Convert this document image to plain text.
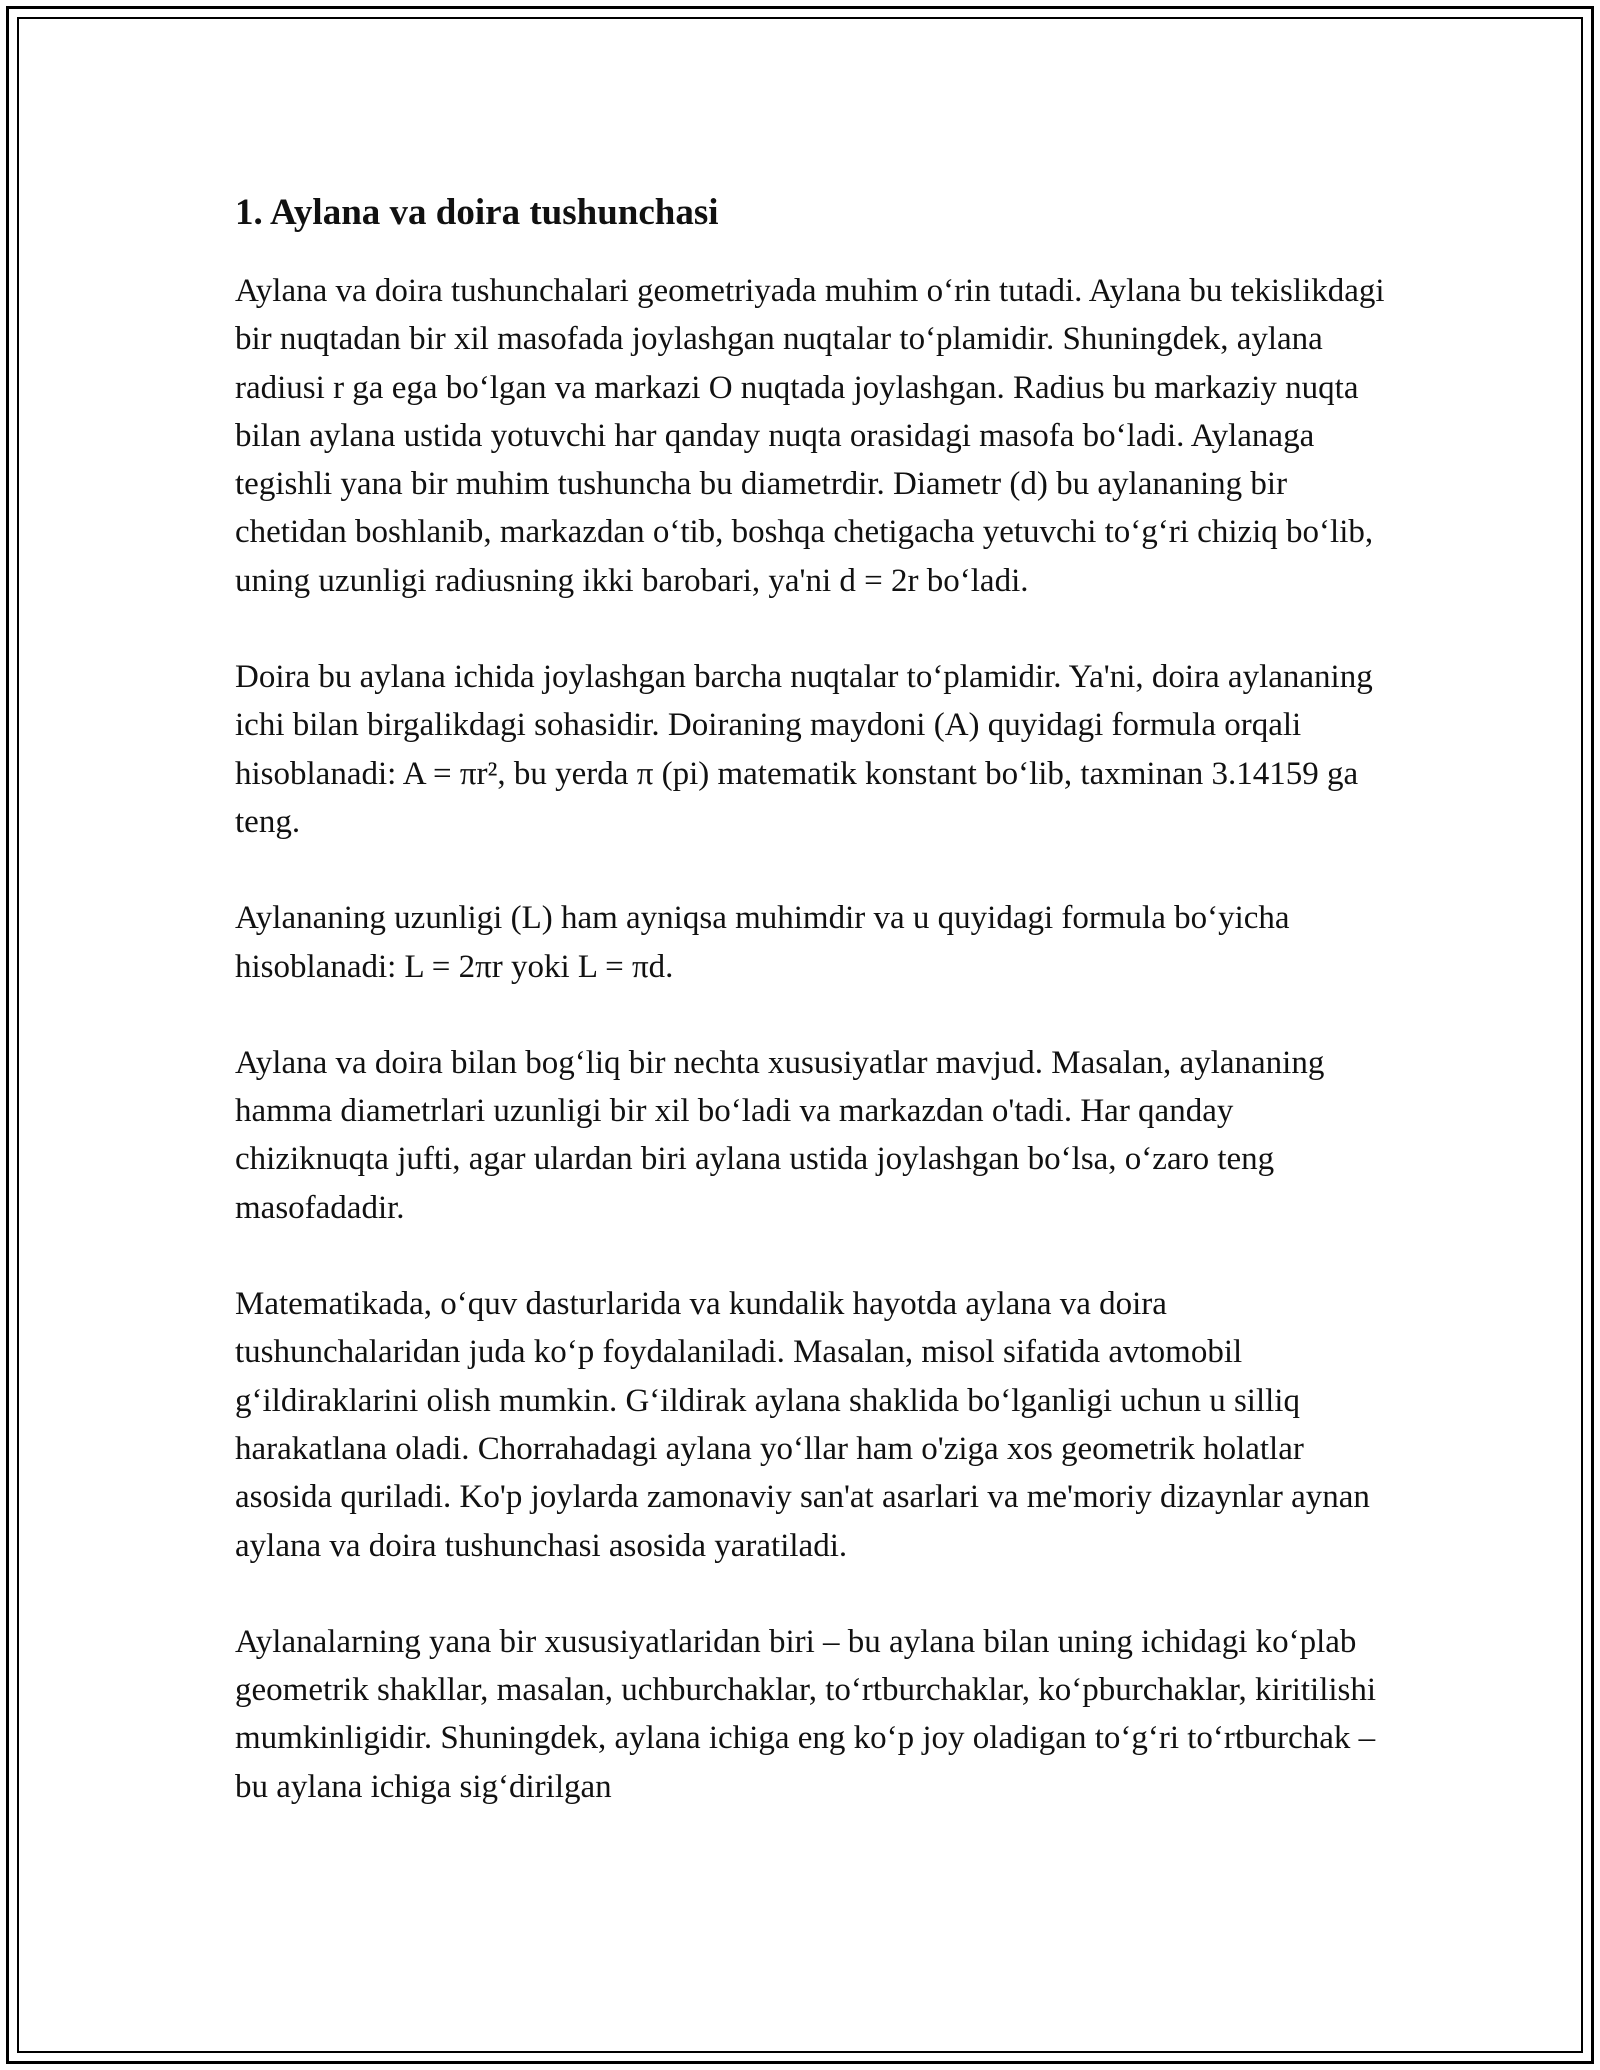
1. Aylana va doira tushunchasi

Aylana va doira tushunchalari geometriyada muhim o‘rin tutadi. Aylana bu tekislikdagi bir nuqtadan bir xil masofada joylashgan nuqtalar to‘plamidir. Shuningdek, aylana radiusi r ga ega bo‘lgan va markazi O nuqtada joylashgan. Radius bu markaziy nuqta bilan aylana ustida yotuvchi har qanday nuqta orasidagi masofa bo‘ladi. Aylanaga tegishli yana bir muhim tushuncha bu diametrdir. Diametr (d) bu aylananing bir chetidan boshlanib, markazdan o‘tib, boshqa chetigacha yetuvchi to‘g‘ri chiziq bo‘lib, uning uzunligi radiusning ikki barobari, ya'ni d = 2r bo‘ladi.

Doira bu aylana ichida joylashgan barcha nuqtalar to‘plamidir. Ya'ni, doira aylananing ichi bilan birgalikdagi sohasidir. Doiraning maydoni (A) quyidagi formula orqali hisoblanadi: A = πr², bu yerda π (pi) matematik konstant bo‘lib, taxminan 3.14159 ga teng.

Aylananing uzunligi (L) ham ayniqsa muhimdir va u quyidagi formula bo‘yicha hisoblanadi: L = 2πr yoki L = πd.

Aylana va doira bilan bog‘liq bir nechta xususiyatlar mavjud. Masalan, aylananing hamma diametrlari uzunligi bir xil bo‘ladi va markazdan o'tadi. Har qanday chiziknuqta jufti, agar ulardan biri aylana ustida joylashgan bo‘lsa, o‘zaro teng masofadadir.

Matematikada, o‘quv dasturlarida va kundalik hayotda aylana va doira tushunchalaridan juda ko‘p foydalaniladi. Masalan, misol sifatida avtomobil g‘ildiraklarini olish mumkin. G‘ildirak aylana shaklida bo‘lganligi uchun u silliq harakatlana oladi. Chorrahadagi aylana yo‘llar ham o'ziga xos geometrik holatlar asosida quriladi. Ko'p joylarda zamonaviy san'at asarlari va me'moriy dizaynlar aynan aylana va doira tushunchasi asosida yaratiladi.

Aylanalarning yana bir xususiyatlaridan biri – bu aylana bilan uning ichidagi ko‘plab geometrik shakllar, masalan, uchburchaklar, to‘rtburchaklar, ko‘pburchaklar, kiritilishi mumkinligidir. Shuningdek, aylana ichiga eng ko‘p joy oladigan to‘g‘ri to‘rtburchak – bu aylana ichiga sig‘dirilgan
